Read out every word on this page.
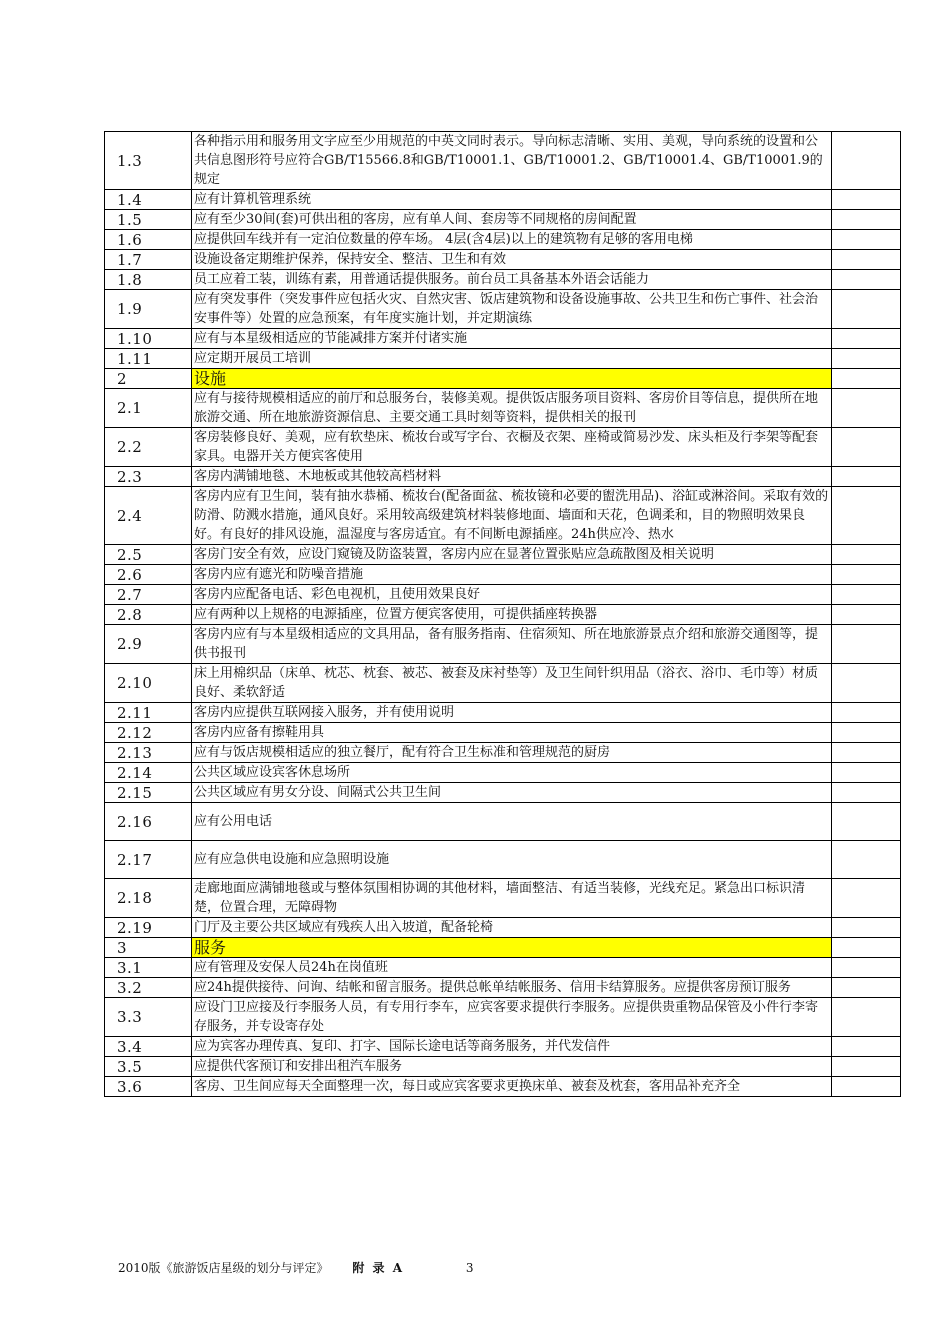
1.3	各种指示用和服务用文字应至少用规范的中英文同时表示。导向标志清晰、实用、美观，导向系统的设置和公共信息图形符号应符合GB/T15566.8和GB/T10001.1、GB/T10001.2、GB/T10001.4、GB/T10001.9的规定	
1.4	应有计算机管理系统	
1.5	应有至少30间(套)可供出租的客房，应有单人间、套房等不同规格的房间配置	
1.6	应提供回车线并有一定泊位数量的停车场。 4层(含4层)以上的建筑物有足够的客用电梯	
1.7	设施设备定期维护保养，保持安全、整洁、卫生和有效	
1.8	员工应着工装，训练有素，用普通话提供服务。前台员工具备基本外语会话能力	
1.9	应有突发事件（突发事件应包括火灾、自然灾害、饭店建筑物和设备设施事故、公共卫生和伤亡事件、社会治安事件等）处置的应急预案，有年度实施计划，并定期演练	
1.10	应有与本星级相适应的节能减排方案并付诸实施	
1.11	应定期开展员工培训	
2	设施	
2.1	应有与接待规模相适应的前厅和总服务台，装修美观。提供饭店服务项目资料、客房价目等信息，提供所在地旅游交通、所在地旅游资源信息、主要交通工具时刻等资料，提供相关的报刊	
2.2	客房装修良好、美观，应有软垫床、梳妆台或写字台、衣橱及衣架、座椅或简易沙发、床头柜及行李架等配套家具。电器开关方便宾客使用	
2.3	客房内满铺地毯、木地板或其他较高档材料	
2.4	客房内应有卫生间，装有抽水恭桶、梳妆台(配备面盆、梳妆镜和必要的盥洗用品)、浴缸或淋浴间。采取有效的防滑、防溅水措施，通风良好。采用较高级建筑材料装修地面、墙面和天花，色调柔和，目的物照明效果良好。有良好的排风设施，温湿度与客房适宜。有不间断电源插座。24h供应冷、热水	
2.5	客房门安全有效，应设门窥镜及防盗装置，客房内应在显著位置张贴应急疏散图及相关说明	
2.6	客房内应有遮光和防噪音措施	
2.7	客房内应配备电话、彩色电视机，且使用效果良好	
2.8	应有两种以上规格的电源插座，位置方便宾客使用，可提供插座转换器	
2.9	客房内应有与本星级相适应的文具用品，备有服务指南、住宿须知、所在地旅游景点介绍和旅游交通图等，提供书报刊	
2.10	床上用棉织品（床单、枕芯、枕套、被芯、被套及床衬垫等）及卫生间针织用品（浴衣、浴巾、毛巾等）材质良好、柔软舒适	
2.11	客房内应提供互联网接入服务，并有使用说明	
2.12	客房内应备有擦鞋用具	
2.13	应有与饭店规模相适应的独立餐厅，配有符合卫生标准和管理规范的厨房	
2.14	公共区域应设宾客休息场所	
2.15	公共区域应有男女分设、间隔式公共卫生间	
2.16	应有公用电话	
2.17	应有应急供电设施和应急照明设施	
2.18	走廊地面应满铺地毯或与整体氛围相协调的其他材料，墙面整洁、有适当装修，光线充足。紧急出口标识清楚，位置合理，无障碍物	
2.19	门厅及主要公共区域应有残疾人出入坡道，配备轮椅	
3	服务	
3.1	应有管理及安保人员24h在岗值班	
3.2	应24h提供接待、问询、结帐和留言服务。提供总帐单结帐服务、信用卡结算服务。应提供客房预订服务	
3.3	应设门卫应接及行李服务人员，有专用行李车，应宾客要求提供行李服务。应提供贵重物品保管及小件行李寄存服务，并专设寄存处	
3.4	应为宾客办理传真、复印、打字、国际长途电话等商务服务，并代发信件	
3.5	应提供代客预订和安排出租汽车服务	
3.6	客房、卫生间应每天全面整理一次，每日或应宾客要求更换床单、被套及枕套，客用品补充齐全	
2010版《旅游饭店星级的划分与评定》 附 录 A	3
